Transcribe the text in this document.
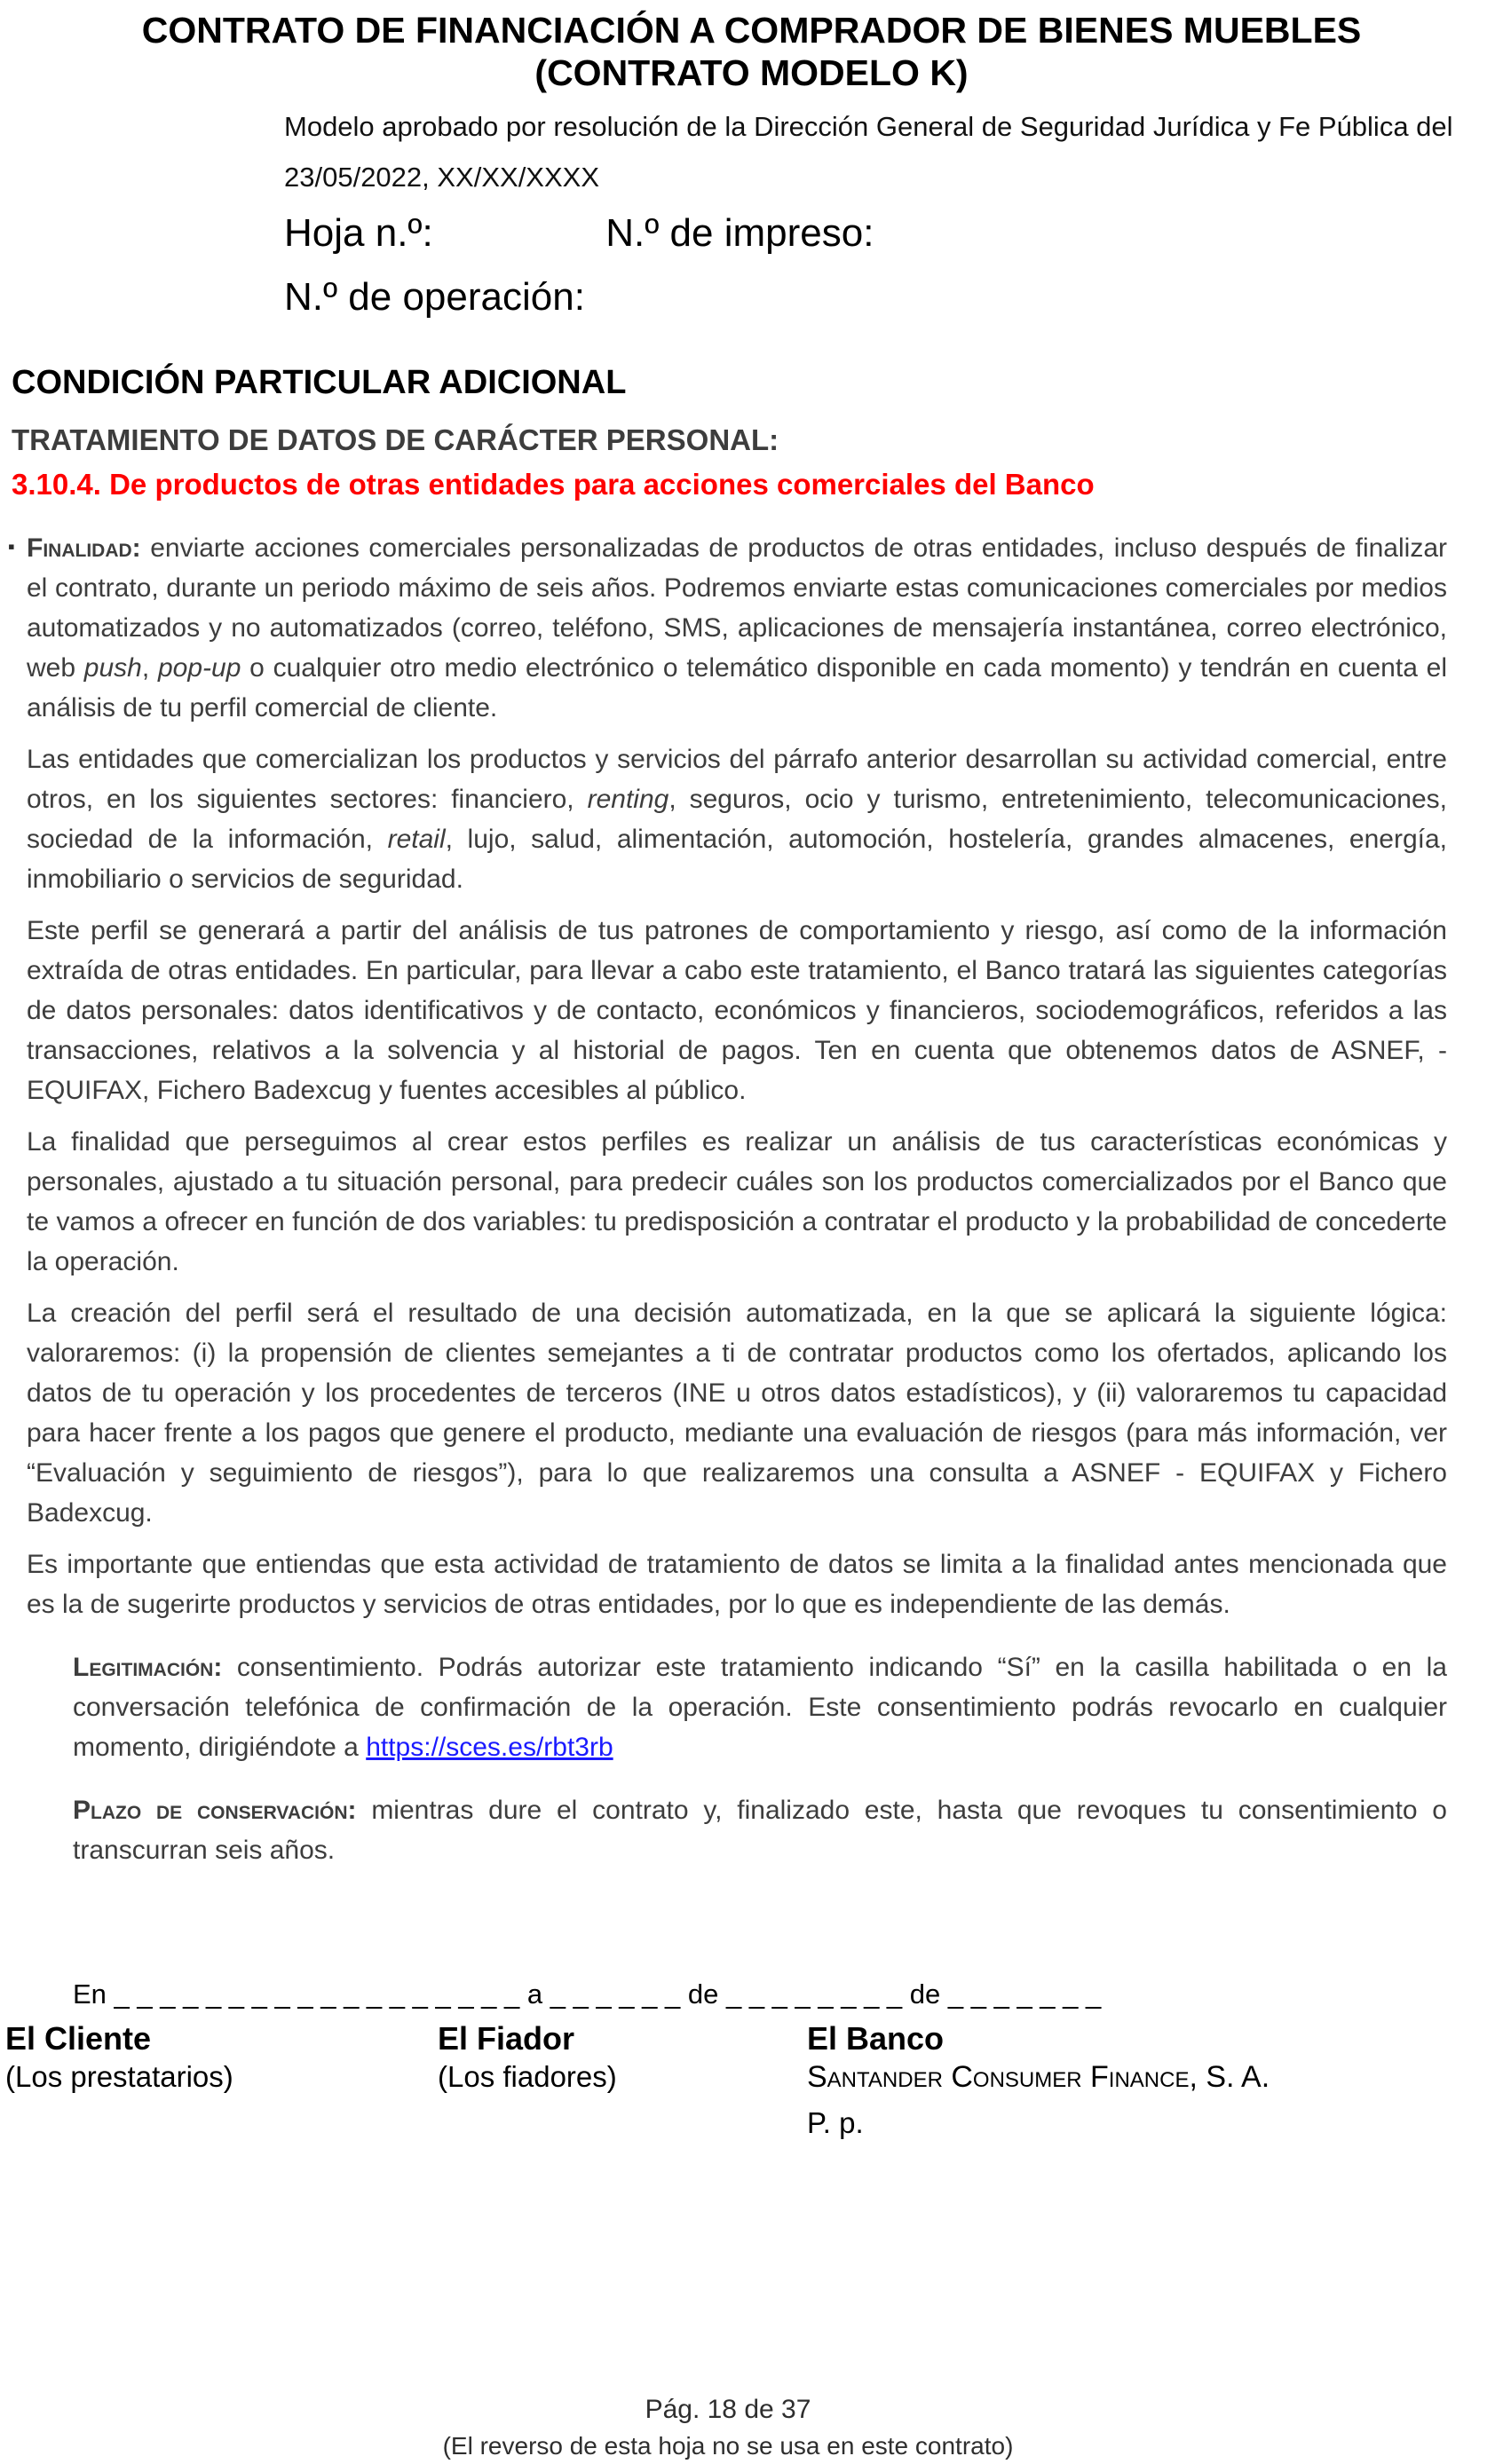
CONTRATO DE FINANCIACIÓN A COMPRADOR DE BIENES MUEBLES
(CONTRATO MODELO K)
Modelo aprobado por resolución de la Dirección General de Seguridad Jurídica y Fe Pública del
23/05/2022, XX/XX/XXXX
Hoja n.º:	N.º de impreso:
N.º de operación:
CONDICIÓN PARTICULAR ADICIONAL
TRATAMIENTO DE DATOS DE CARÁCTER PERSONAL:
3.10.4. De productos de otras entidades para acciones comerciales del Banco
▪ Finalidad: enviarte acciones comerciales personalizadas de productos de otras entidades, incluso después de finalizar el contrato, durante un periodo máximo de seis años. Podremos enviarte estas comunicaciones comerciales por medios automatizados y no automatizados (correo, teléfono, SMS, aplicaciones de mensajería instantánea, correo electrónico, web push, pop-up o cualquier otro medio electrónico o telemático disponible en cada momento) y tendrán en cuenta el análisis de tu perfil comercial de cliente.
Las entidades que comercializan los productos y servicios del párrafo anterior desarrollan su actividad comercial, entre otros, en los siguientes sectores: financiero, renting, seguros, ocio y turismo, entretenimiento, telecomunicaciones, sociedad de la información, retail, lujo, salud, alimentación, automoción, hostelería, grandes almacenes, energía, inmobiliario o servicios de seguridad.
Este perfil se generará a partir del análisis de tus patrones de comportamiento y riesgo, así como de la información extraída de otras entidades. En particular, para llevar a cabo este tratamiento, el Banco tratará las siguientes categorías de datos personales: datos identificativos y de contacto, económicos y financieros, sociodemográficos, referidos a las transacciones, relativos a la solvencia y al historial de pagos. Ten en cuenta que obtenemos datos de ASNEF, -EQUIFAX, Fichero Badexcug y fuentes accesibles al público.
La finalidad que perseguimos al crear estos perfiles es realizar un análisis de tus características económicas y personales, ajustado a tu situación personal, para predecir cuáles son los productos comercializados por el Banco que te vamos a ofrecer en función de dos variables: tu predisposición a contratar el producto y la probabilidad de concederte la operación.
La creación del perfil será el resultado de una decisión automatizada, en la que se aplicará la siguiente lógica: valoraremos: (i) la propensión de clientes semejantes a ti de contratar productos como los ofertados, aplicando los datos de tu operación y los procedentes de terceros (INE u otros datos estadísticos), y (ii) valoraremos tu capacidad para hacer frente a los pagos que genere el producto, mediante una evaluación de riesgos (para más información, ver “Evaluación y seguimiento de riesgos”), para lo que realizaremos una consulta a ASNEF - EQUIFAX y Fichero Badexcug.
Es importante que entiendas que esta actividad de tratamiento de datos se limita a la finalidad antes mencionada que es la de sugerirte productos y servicios de otras entidades, por lo que es independiente de las demás.
Legitimación: consentimiento. Podrás autorizar este tratamiento indicando “Sí” en la casilla habilitada o en la conversación telefónica de confirmación de la operación. Este consentimiento podrás revocarlo en cualquier momento, dirigiéndote a https://sces.es/rbt3rb
Plazo de conservación: mientras dure el contrato y, finalizado este, hasta que revoques tu consentimiento o transcurran seis años.
En _ _ _ _ _ _ _ _ _ _ _ _ _ _ _ _ _ _ a _ _ _ _ _ _ de _ _ _ _ _ _ _ _ de _ _ _ _ _ _ _
El Cliente
(Los prestatarios)
El Fiador
(Los fiadores)
El Banco
Santander Consumer Finance, S. A.
P. p.
Pág. 18 de 37
(El reverso de esta hoja no se usa en este contrato)
